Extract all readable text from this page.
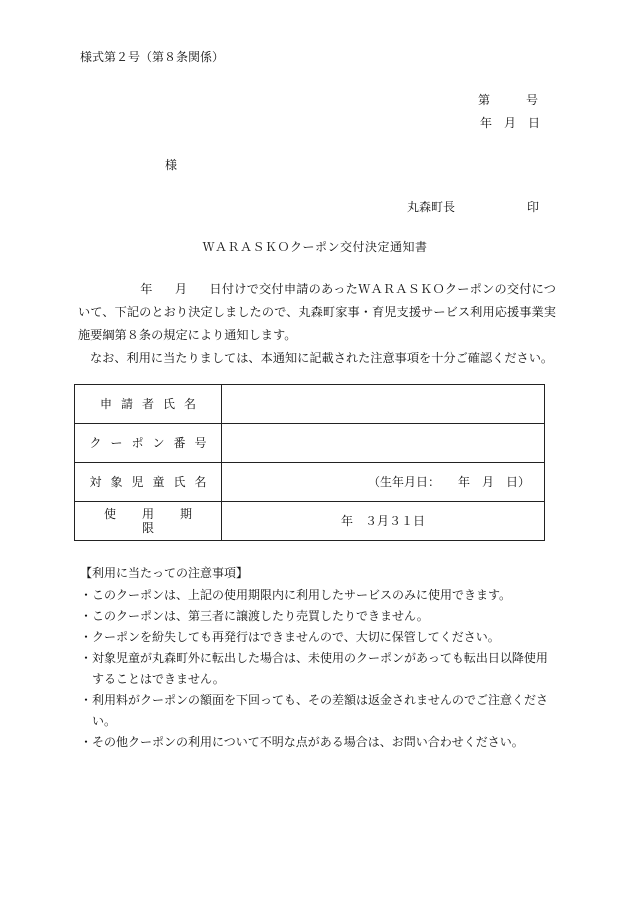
様式第２号（第８条関係）
第　　　号
年　月　日
様
丸森町長　　　　　　印
ＷＡＲＡＳＫＯクーポン交付決定通知書

年 月 日付けで交付申請のあったＷＡＲＡＳＫＯクーポンの交付について、下記のとおり決定しましたので、丸森町家事・育児支援サービス利用応援事業実施要綱第８条の規定により通知します。

なお、利用に当たりましては、本通知に記載された注意事項を十分ご確認ください。

申請者氏名	
クーポン番号	
対象児童氏名	（生年月日：　　年　月　日）

使用期限	年　３月３１日
【利用に当たっての注意事項】
・ このクーポンは、上記の使用期限内に利用したサービスのみに使用できます。
・ このクーポンは、第三者に譲渡したり売買したりできません。
・ クーポンを紛失しても再発行はできませんので、大切に保管してください。
・ 対象児童が丸森町外に転出した場合は、未使用のクーポンがあっても転出日以降使用することはできません。
・ 利用料がクーポンの額面を下回っても、その差額は返金されませんのでご注意ください。
・ その他クーポンの利用について不明な点がある場合は、お問い合わせください。
